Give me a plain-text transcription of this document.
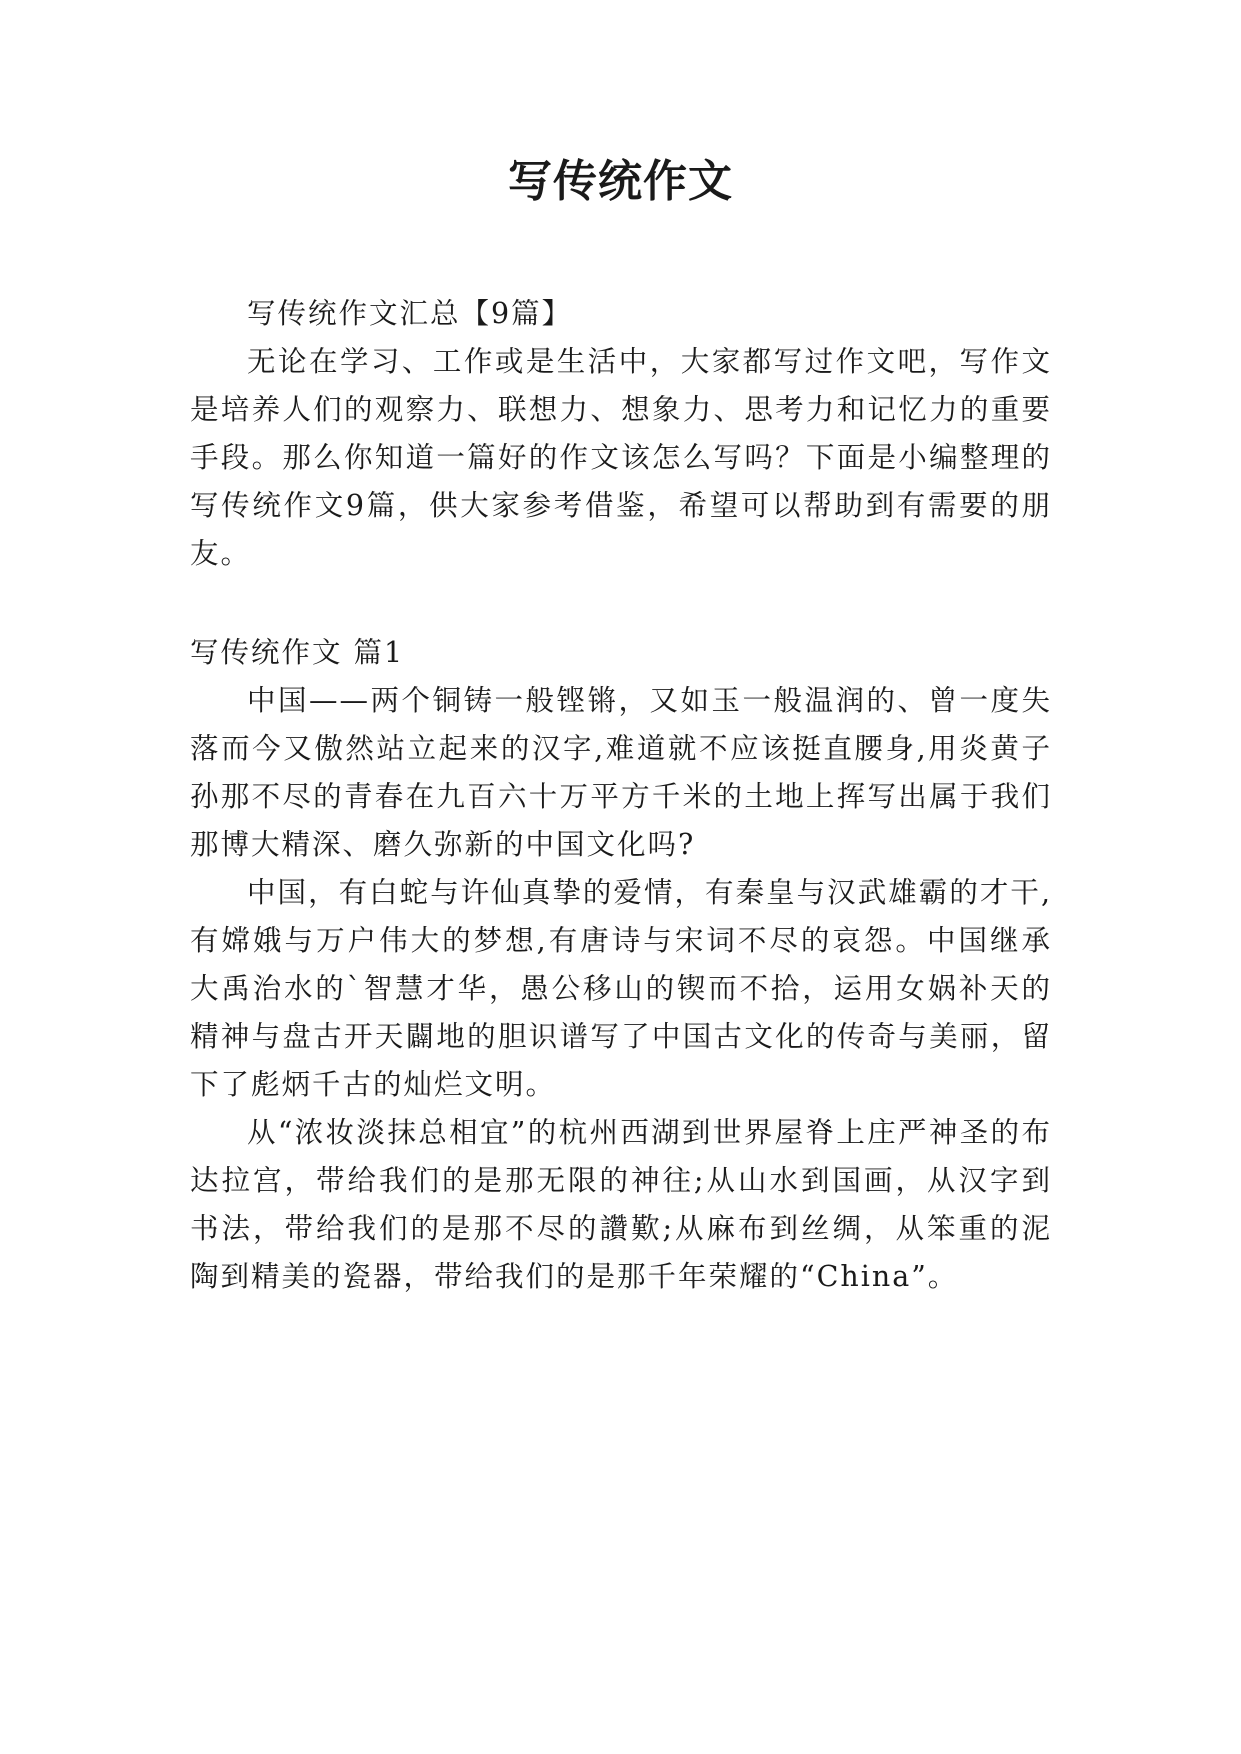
写传统作文

写传统作文汇总【9篇】

无论在学习、工作或是生活中，大家都写过作文吧，写作文是培养人们的观察力、联想力、想象力、思考力和记忆力的重要手段。那么你知道一篇好的作文该怎么写吗？下面是小编整理的写传统作文9篇，供大家参考借鉴，希望可以帮助到有需要的朋友。

写传统作文 篇1

中国——两个铜铸一般铿锵，又如玉一般温润的、曾一度失落而今又傲然站立起来的汉字,难道就不应该挺直腰身,用炎黄子孙那不尽的青春在九百六十万平方千米的土地上挥写出属于我们那博大精深、磨久弥新的中国文化吗?

中国，有白蛇与许仙真挚的爱情，有秦皇与汉武雄霸的才干,有嫦娥与万户伟大的梦想,有唐诗与宋词不尽的哀怨。中国继承大禹治水的`智慧才华，愚公移山的锲而不拾，运用女娲补天的精神与盘古开天闢地的胆识谱写了中国古文化的传奇与美丽，留下了彪炳千古的灿烂文明。

从“浓妆淡抹总相宜”的杭州西湖到世界屋脊上庄严神圣的布达拉宫，带给我们的是那无限的神往;从山水到国画，从汉字到书法，带给我们的是那不尽的讚歎;从麻布到丝绸，从笨重的泥陶到精美的瓷器，带给我们的是那千年荣耀的“China”。
